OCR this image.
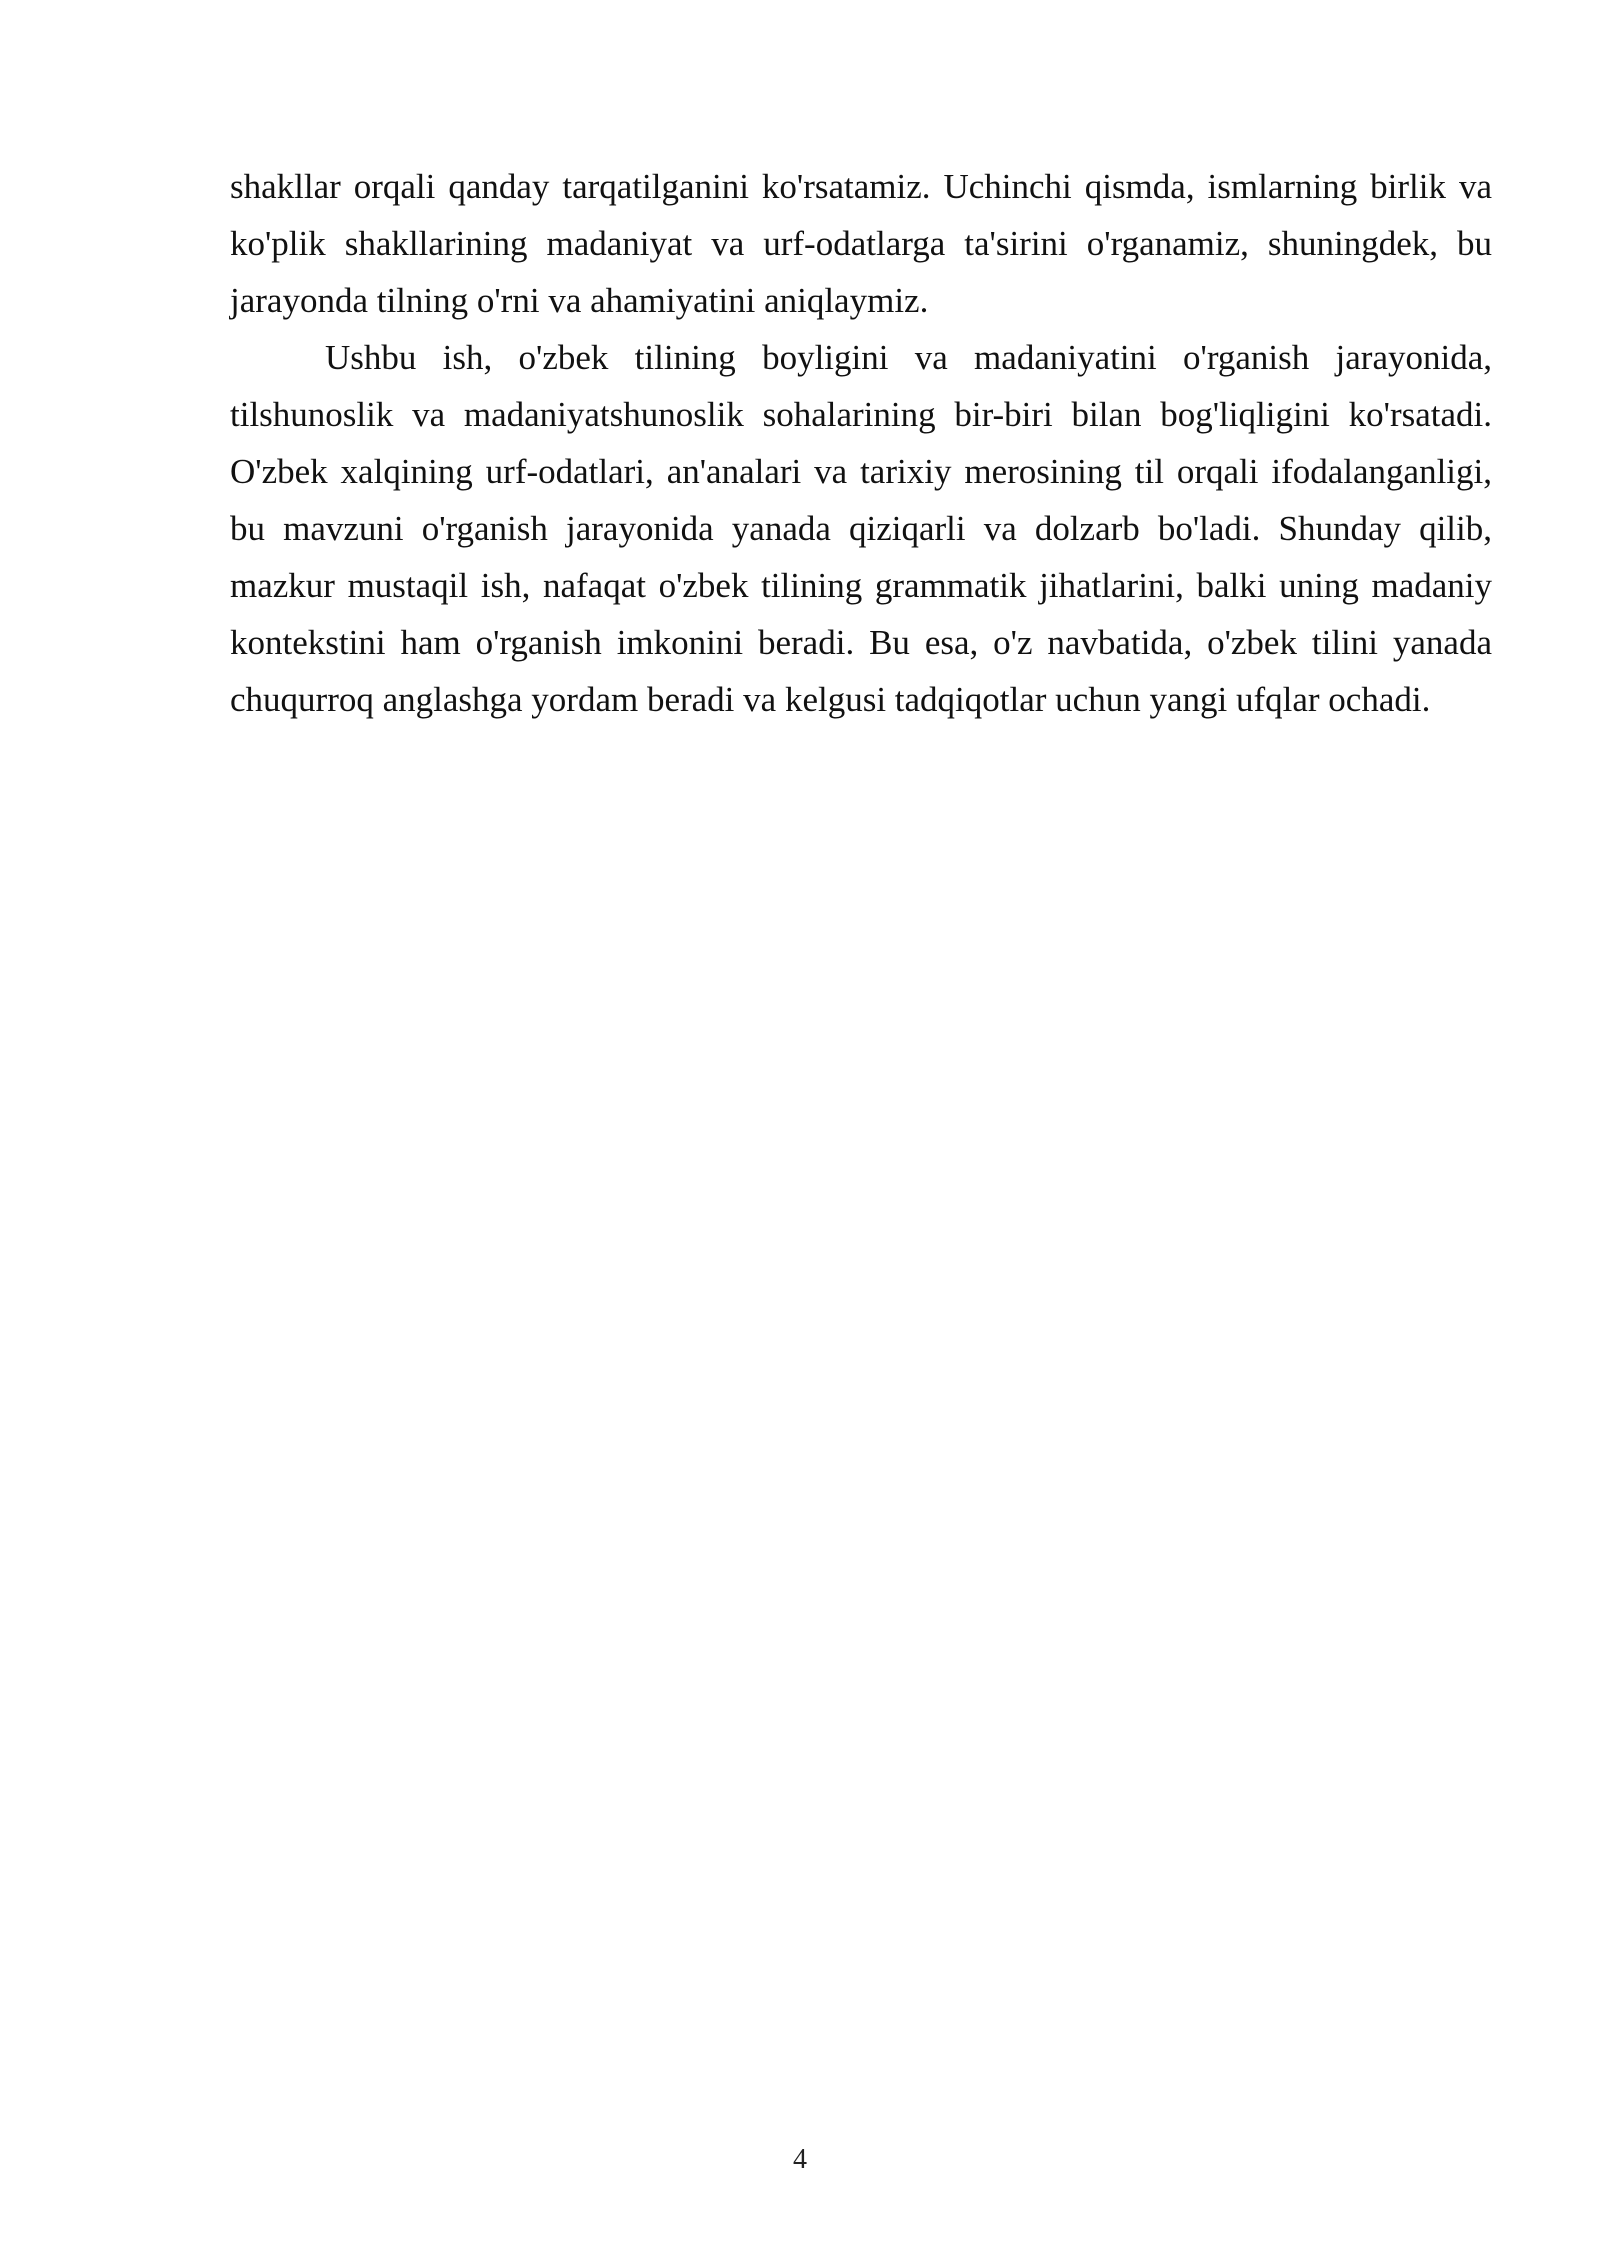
shakllar orqali qanday tarqatilganini ko'rsatamiz. Uchinchi qismda, ismlarning birlik va ko'plik shakllarining madaniyat va urf-odatlarga ta'sirini o'rganamiz, shuningdek, bu jarayonda tilning o'rni va ahamiyatini aniqlaymiz.

Ushbu ish, o'zbek tilining boyligini va madaniyatini o'rganish jarayonida, tilshunoslik va madaniyatshunoslik sohalarining bir-biri bilan bog'liqligini ko'rsatadi. O'zbek xalqining urf-odatlari, an'analari va tarixiy merosining til orqali ifodalanganligi, bu mavzuni o'rganish jarayonida yanada qiziqarli va dolzarb bo'ladi. Shunday qilib, mazkur mustaqil ish, nafaqat o'zbek tilining grammatik jihatlarini, balki uning madaniy kontekstini ham o'rganish imkonini beradi. Bu esa, o'z navbatida, o'zbek tilini yanada chuqurroq anglashga yordam beradi va kelgusi tadqiqotlar uchun yangi ufqlar ochadi.

4
